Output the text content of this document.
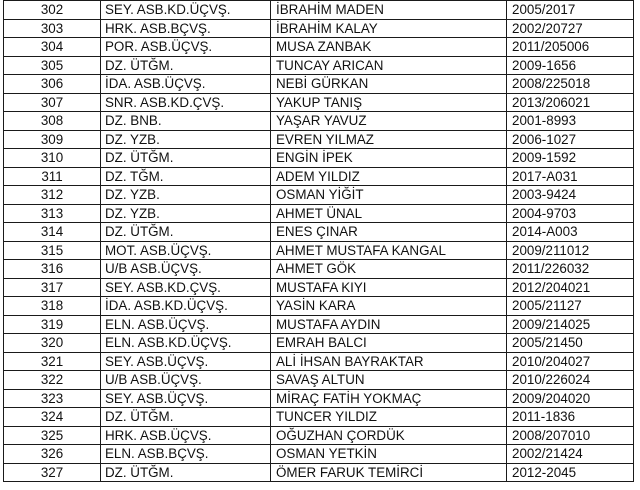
302	SEY. ASB.KD.ÜÇVŞ.	İBRAHİM MADEN	2005/2017
303	HRK. ASB.BÇVŞ.	İBRAHİM KALAY	2002/20727
304	POR. ASB.ÜÇVŞ.	MUSA ZANBAK	2011/205006
305	DZ. ÜTĞM.	TUNCAY ARICAN	2009-1656
306	İDA. ASB.ÜÇVŞ.	NEBİ GÜRKAN	2008/225018
307	SNR. ASB.KD.ÇVŞ.	YAKUP TANIŞ	2013/206021
308	DZ. BNB.	YAŞAR YAVUZ	2001-8993
309	DZ. YZB.	EVREN YILMAZ	2006-1027
310	DZ. ÜTĞM.	ENGİN İPEK	2009-1592
311	DZ. TĞM.	ADEM YILDIZ	2017-A031
312	DZ. YZB.	OSMAN YİĞİT	2003-9424
313	DZ. YZB.	AHMET ÜNAL	2004-9703
314	DZ. ÜTĞM.	ENES ÇINAR	2014-A003
315	MOT. ASB.ÜÇVŞ.	AHMET MUSTAFA KANGAL	2009/211012
316	U/B ASB.ÜÇVŞ.	AHMET GÖK	2011/226032
317	SEY. ASB.KD.ÇVŞ.	MUSTAFA KIYI	2012/204021
318	İDA. ASB.KD.ÜÇVŞ.	YASİN KARA	2005/21127
319	ELN. ASB.ÜÇVŞ.	MUSTAFA AYDIN	2009/214025
320	ELN. ASB.KD.ÜÇVŞ.	EMRAH BALCI	2005/21450
321	SEY. ASB.ÜÇVŞ.	ALİ İHSAN BAYRAKTAR	2010/204027
322	U/B ASB.ÜÇVŞ.	SAVAŞ ALTUN	2010/226024
323	SEY. ASB.ÜÇVŞ.	MİRAÇ FATİH YOKMAÇ	2009/204020
324	DZ. ÜTĞM.	TUNCER YILDIZ	2011-1836
325	HRK. ASB.ÜÇVŞ.	OĞUZHAN ÇORDÜK	2008/207010
326	ELN. ASB.BÇVŞ.	OSMAN YETKİN	2002/21424
327	DZ. ÜTĞM.	ÖMER FARUK TEMİRCİ	2012-2045
